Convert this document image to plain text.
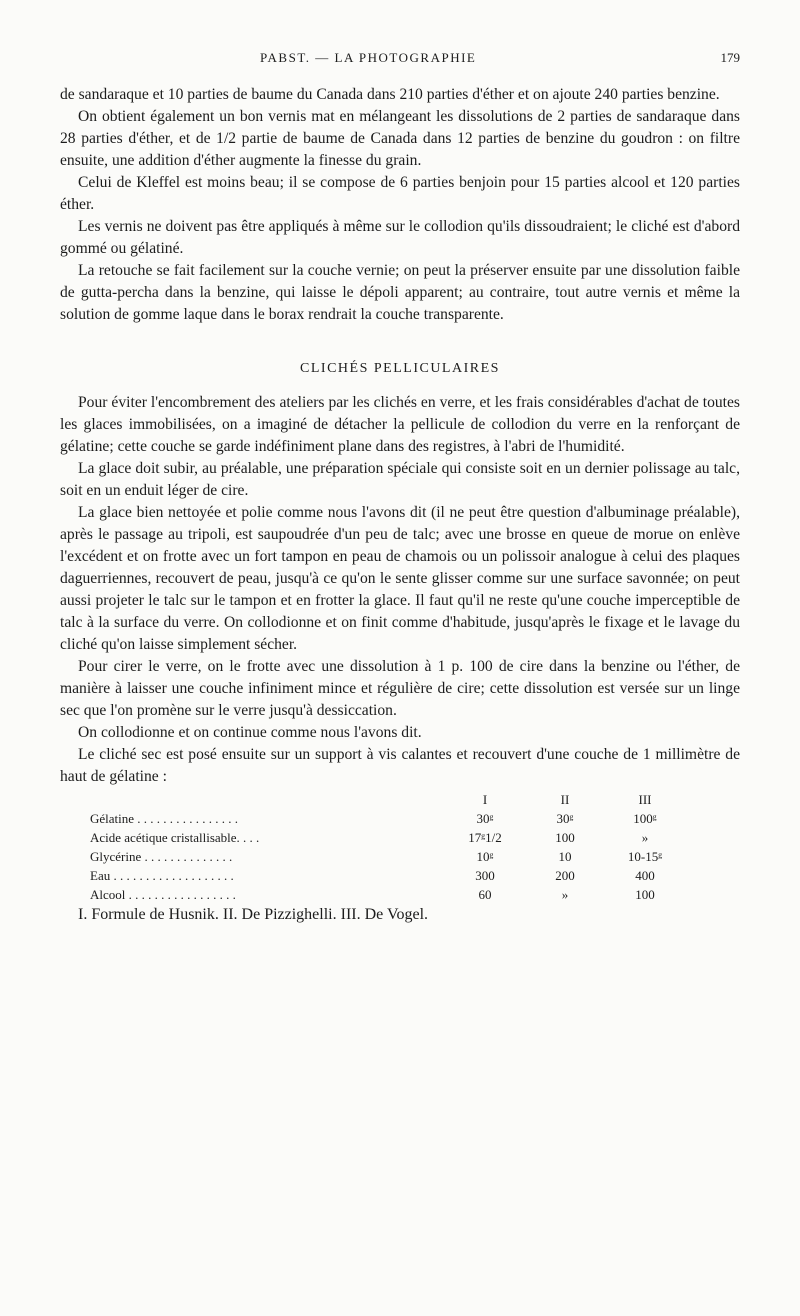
PABST. — LA PHOTOGRAPHIE	179

de sandaraque et 10 parties de baume du Canada dans 210 parties d'éther et on ajoute 240 parties benzine.

On obtient également un bon vernis mat en mélangeant les dissolutions de 2 parties de sandaraque dans 28 parties d'éther, et de 1/2 partie de baume de Canada dans 12 parties de benzine du goudron : on filtre ensuite, une addition d'éther augmente la finesse du grain.

Celui de Kleffel est moins beau; il se compose de 6 parties benjoin pour 15 parties alcool et 120 parties éther.

Les vernis ne doivent pas être appliqués à même sur le collodion qu'ils dissoudraient; le cliché est d'abord gommé ou gélatiné.

La retouche se fait facilement sur la couche vernie; on peut la préserver ensuite par une dissolution faible de gutta-percha dans la benzine, qui laisse le dépoli apparent; au contraire, tout autre vernis et même la solution de gomme laque dans le borax rendrait la couche transparente.

CLICHÉS PELLICULAIRES

Pour éviter l'encombrement des ateliers par les clichés en verre, et les frais considérables d'achat de toutes les glaces immobilisées, on a imaginé de détacher la pellicule de collodion du verre en la renforçant de gélatine; cette couche se garde indéfiniment plane dans des registres, à l'abri de l'humidité.

La glace doit subir, au préalable, une préparation spéciale qui consiste soit en un dernier polissage au talc, soit en un enduit léger de cire.

La glace bien nettoyée et polie comme nous l'avons dit (il ne peut être question d'albuminage préalable), après le passage au tripoli, est saupoudrée d'un peu de talc; avec une brosse en queue de morue on enlève l'excédent et on frotte avec un fort tampon en peau de chamois ou un polissoir analogue à celui des plaques daguerriennes, recouvert de peau, jusqu'à ce qu'on le sente glisser comme sur une surface savonnée; on peut aussi projeter le talc sur le tampon et en frotter la glace. Il faut qu'il ne reste qu'une couche imperceptible de talc à la surface du verre. On collodionne et on finit comme d'habitude, jusqu'après le fixage et le lavage du cliché qu'on laisse simplement sécher.

Pour cirer le verre, on le frotte avec une dissolution à 1 p. 100 de cire dans la benzine ou l'éther, de manière à laisser une couche infiniment mince et régulière de cire; cette dissolution est versée sur un linge sec que l'on promène sur le verre jusqu'à dessiccation.

On collodionne et on continue comme nous l'avons dit.

Le cliché sec est posé ensuite sur un support à vis calantes et recouvert d'une couche de 1 millimètre de haut de gélatine :

	I	II	III
Gélatine . . . . . . . . . . . . . . . .	30ᵍ	30ᵍ	100ᵍ
Acide acétique cristallisable. . . .	17ᵍ1/2	100	»
Glycérine . . . . . . . . . . . . . .	10ᵍ	10	10-15ᵍ
Eau . . . . . . . . . . . . . . . . . . .	300	200	400
Alcool . . . . . . . . . . . . . . . . .	60	»	100

I. Formule de Husnik. II. De Pizzighelli. III. De Vogel.
